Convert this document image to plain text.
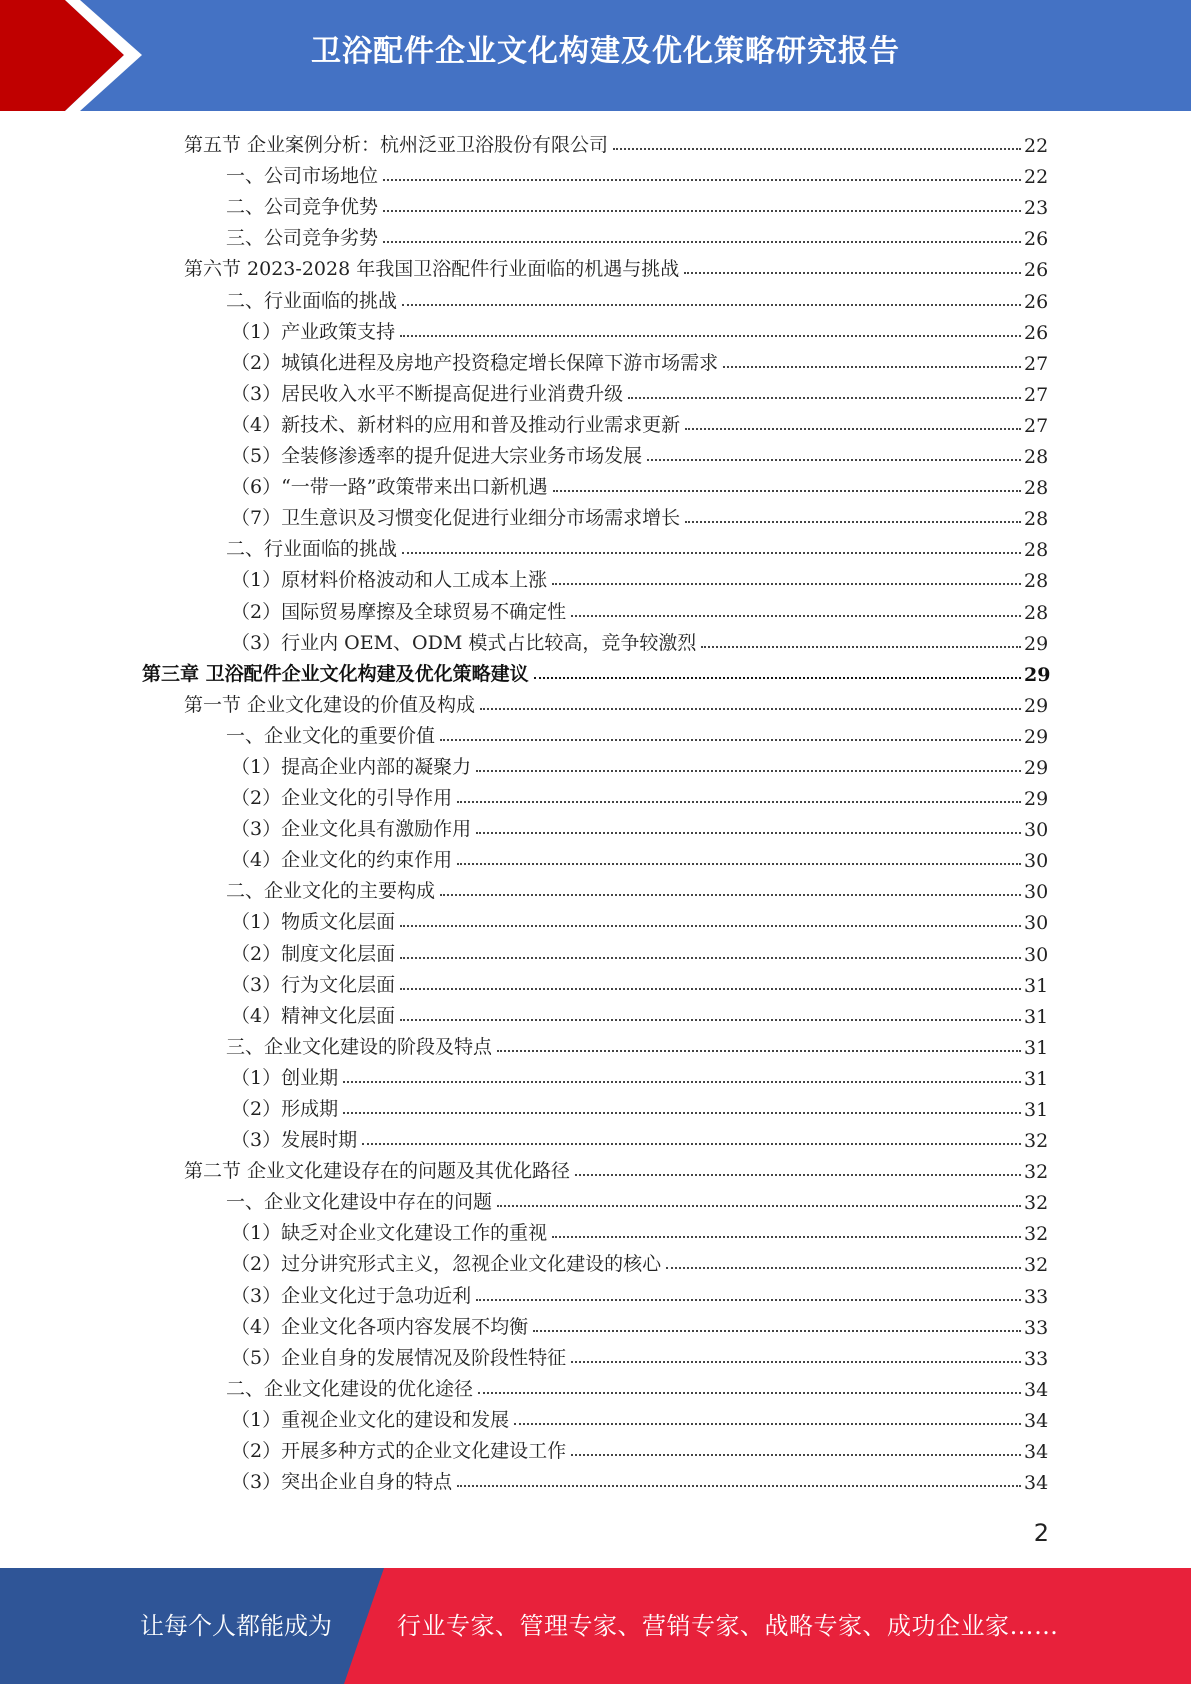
卫浴配件企业文化构建及优化策略研究报告
第五节 企业案例分析：杭州泛亚卫浴股份有限公司	22
一、公司市场地位	22
二、公司竞争优势	23
三、公司竞争劣势	26
第六节 2023-2028 年我国卫浴配件行业面临的机遇与挑战	26
二、行业面临的挑战	26
（1）产业政策支持	26
（2）城镇化进程及房地产投资稳定增长保障下游市场需求	27
（3）居民收入水平不断提高促进行业消费升级	27
（4）新技术、新材料的应用和普及推动行业需求更新	27
（5）全装修渗透率的提升促进大宗业务市场发展	28
（6）“一带一路”政策带来出口新机遇	28
（7）卫生意识及习惯变化促进行业细分市场需求增长	28
二、行业面临的挑战	28
（1）原材料价格波动和人工成本上涨	28
（2）国际贸易摩擦及全球贸易不确定性	28
（3）行业内 OEM、ODM 模式占比较高，竞争较激烈	29
第三章 卫浴配件企业文化构建及优化策略建议	29
第一节 企业文化建设的价值及构成	29
一、企业文化的重要价值	29
（1）提高企业内部的凝聚力	29
（2）企业文化的引导作用	29
（3）企业文化具有激励作用	30
（4）企业文化的约束作用	30
二、企业文化的主要构成	30
（1）物质文化层面	30
（2）制度文化层面	30
（3）行为文化层面	31
（4）精神文化层面	31
三、企业文化建设的阶段及特点	31
（1）创业期	31
（2）形成期	31
（3）发展时期	32
第二节 企业文化建设存在的问题及其优化路径	32
一、企业文化建设中存在的问题	32
（1）缺乏对企业文化建设工作的重视	32
（2）过分讲究形式主义，忽视企业文化建设的核心	32
（3）企业文化过于急功近利	33
（4）企业文化各项内容发展不均衡	33
（5）企业自身的发展情况及阶段性特征	33
二、企业文化建设的优化途径	34
（1）重视企业文化的建设和发展	34
（2）开展多种方式的企业文化建设工作	34
（3）突出企业自身的特点	34
2
让每个人都能成为	行业专家、管理专家、营销专家、战略专家、成功企业家……
